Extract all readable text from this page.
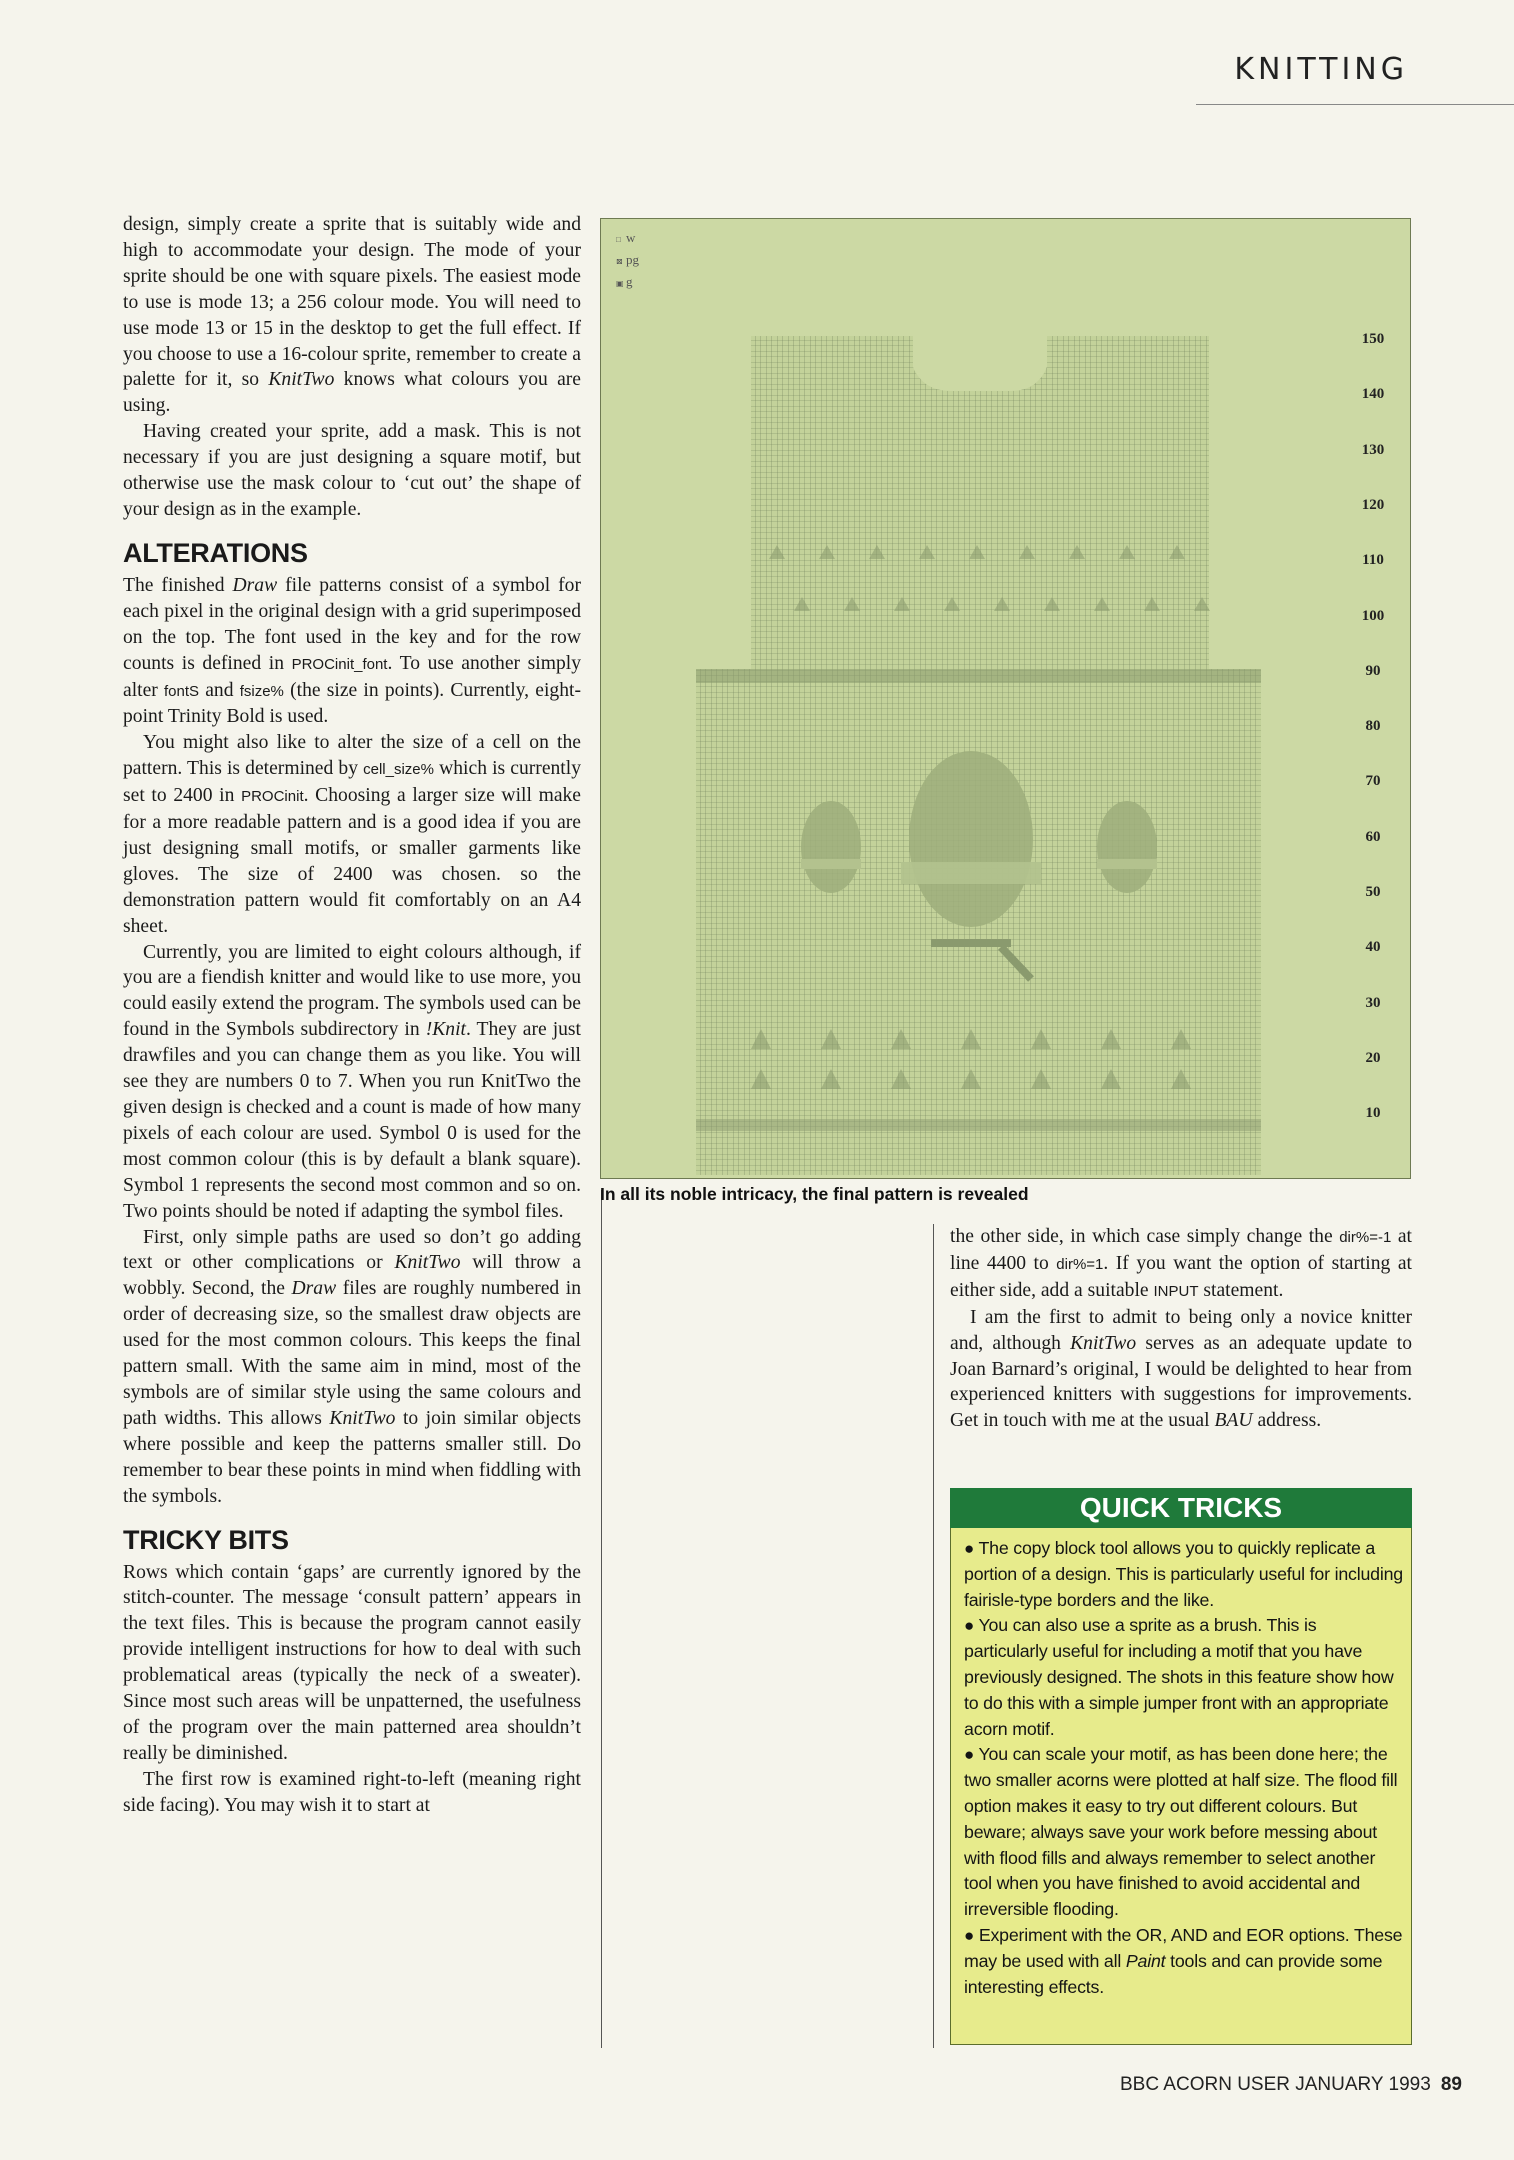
KNITTING

design, simply create a sprite that is suitably wide and high to accommodate your design. The mode of your sprite should be one with square pixels. The easiest mode to use is mode 13; a 256 colour mode. You will need to use mode 13 or 15 in the desktop to get the full effect. If you choose to use a 16-colour sprite, remember to create a palette for it, so KnitTwo knows what colours you are using.

Having created your sprite, add a mask. This is not necessary if you are just designing a square motif, but otherwise use the mask colour to ‘cut out’ the shape of your design as in the example.

ALTERATIONS

The finished Draw file patterns consist of a symbol for each pixel in the original design with a grid superimposed on the top. The font used in the key and for the row counts is defined in PROCinit_font. To use another simply alter fontS and fsize% (the size in points). Currently, eight-point Trinity Bold is used.

You might also like to alter the size of a cell on the pattern. This is determined by cell_size% which is currently set to 2400 in PROCinit. Choosing a larger size will make for a more readable pattern and is a good idea if you are just designing small motifs, or smaller garments like gloves. The size of 2400 was chosen. so the demonstration pattern would fit comfortably on an A4 sheet.

Currently, you are limited to eight colours although, if you are a fiendish knitter and would like to use more, you could easily extend the program. The symbols used can be found in the Symbols subdirectory in !Knit. They are just drawfiles and you can change them as you like. You will see they are numbers 0 to 7. When you run KnitTwo the given design is checked and a count is made of how many pixels of each colour are used. Symbol 0 is used for the most common colour (this is by default a blank square). Symbol 1 represents the second most common and so on. Two points should be noted if adapting the symbol files.

First, only simple paths are used so don’t go adding text or other complications or KnitTwo will throw a wobbly. Second, the Draw files are roughly numbered in order of decreasing size, so the smallest draw objects are used for the most common colours. This keeps the final pattern small. With the same aim in mind, most of the symbols are of similar style using the same colours and path widths. This allows KnitTwo to join similar objects where possible and keep the patterns smaller still. Do remember to bear these points in mind when fiddling with the symbols.

TRICKY BITS

Rows which contain ‘gaps’ are currently ignored by the stitch-counter. The message ‘consult pattern’ appears in the text files. This is because the program cannot easily provide intelligent instructions for how to deal with such problematical areas (typically the neck of a sweater). Since most such areas will be unpatterned, the usefulness of the program over the main patterned area shouldn’t really be diminished.

The first row is examined right-to-left (meaning right side facing). You may wish it to start at

□ w
⊠ pg
▣ g
150
140
130
120
110
100
90
80
70
60
50
40
30
20
10
In all its noble intricacy, the final pattern is revealed

the other side, in which case simply change the dir%=-1 at line 4400 to dir%=1. If you want the option of starting at either side, add a suitable INPUT statement.

I am the first to admit to being only a novice knitter and, although KnitTwo serves as an adequate update to Joan Barnard’s original, I would be delighted to hear from experienced knitters with suggestions for improvements. Get in touch with me at the usual BAU address.

QUICK TRICKS

● The copy block tool allows you to quickly replicate a portion of a design. This is particularly useful for including fairisle-type borders and the like.

● You can also use a sprite as a brush. This is particularly useful for including a motif that you have previously designed. The shots in this feature show how to do this with a simple jumper front with an appropriate acorn motif.

● You can scale your motif, as has been done here; the two smaller acorns were plotted at half size. The flood fill option makes it easy to try out different colours. But beware; always save your work before messing about with flood fills and always remember to select another tool when you have finished to avoid accidental and irreversible flooding.

● Experiment with the OR, AND and EOR options. These may be used with all Paint tools and can provide some interesting effects.

BBC ACORN USER JANUARY 1993 89
